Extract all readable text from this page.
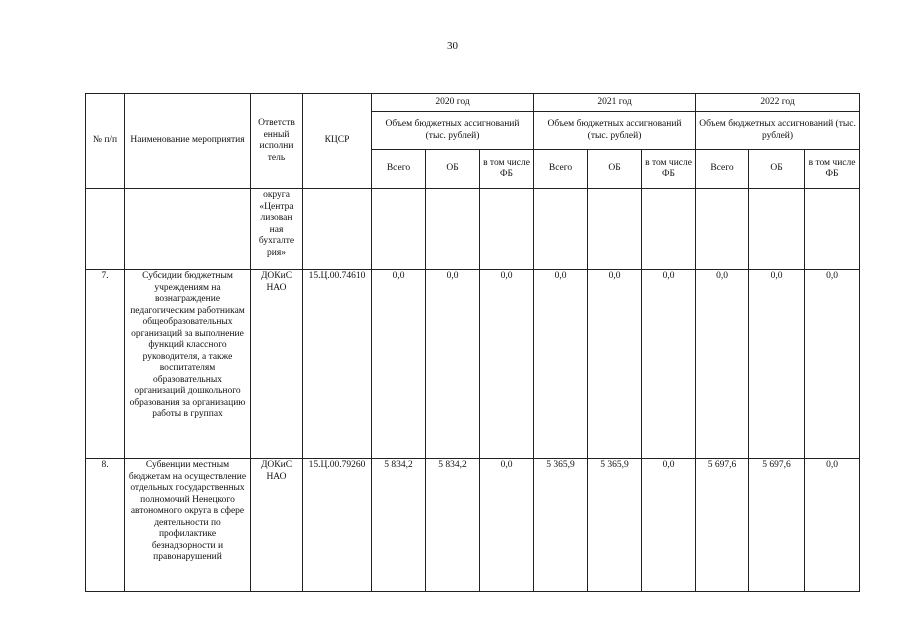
30
№ п/п	Наименование мероприятия	Ответств енный исполни тель	КЦСР	2020 год			2021 год			2022 год		
				Объем бюджетных ассигнований (тыс. рублей)			Объем бюджетных ассигнований (тыс. рублей)			Объем бюджетных ассигнований (тыс. рублей)		
				Всего	ОБ	в том числе ФБ	Всего	ОБ	в том числе ФБ	Всего	ОБ	в том числе ФБ
		округа «Центра лизован ная бухгалте рия»										
7.	Субсидии бюджетным учреждениям на вознаграждение педагогическим работникам общеобразовательных организаций за выполнение функций классного руководителя, а также воспитателям образовательных организаций дошкольного образования за организацию работы в группах	ДОКиС НАО	15.Ц.00.74610	0,0	0,0	0,0	0,0	0,0	0,0	0,0	0,0	0,0
8.	Субвенции местным бюджетам на осуществление отдельных государственных полномочий Ненецкого автономного округа в сфере деятельности по профилактике безнадзорности и правонарушений	ДОКиС НАО	15.Ц.00.79260	5 834,2	5 834,2	0,0	5 365,9	5 365,9	0,0	5 697,6	5 697,6	0,0
